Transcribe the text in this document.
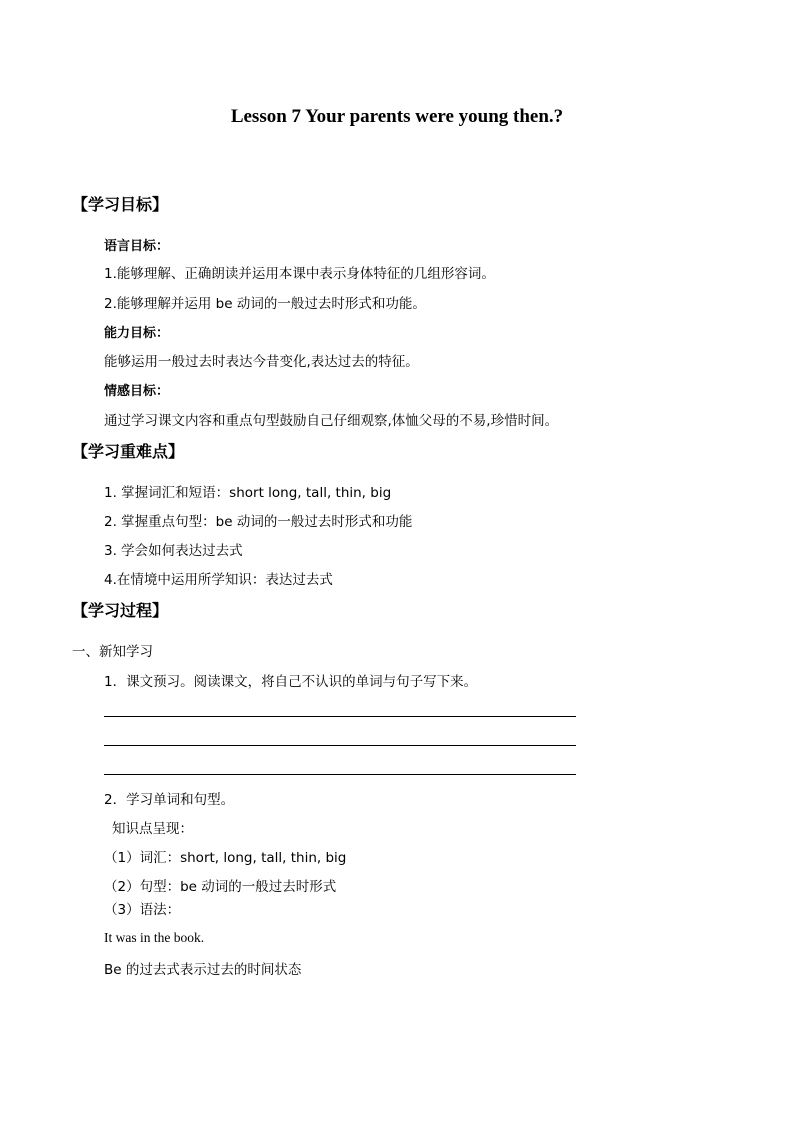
Lesson 7 Your parents were young then.?
【学习目标】
语言目标：
1.能够理解、正确朗读并运用本课中表示身体特征的几组形容词。
2.能够理解并运用 be 动词的一般过去时形式和功能。
能力目标：
能够运用一般过去时表达今昔变化,表达过去的特征。
情感目标：
通过学习课文内容和重点句型鼓励自己仔细观察,体恤父母的不易,珍惜时间。
【学习重难点】
1. 掌握词汇和短语：short long, tall, thin, big
2. 掌握重点句型：be 动词的一般过去时形式和功能
3. 学会如何表达过去式
4.在情境中运用所学知识：表达过去式
【学习过程】
一、新知学习
1．课文预习。阅读课文，将自己不认识的单词与句子写下来。
2．学习单词和句型。
知识点呈现：
（1）词汇：short, long, tall, thin, big
（2）句型：be 动词的一般过去时形式
（3）语法：
It was in the book.
Be 的过去式表示过去的时间状态
